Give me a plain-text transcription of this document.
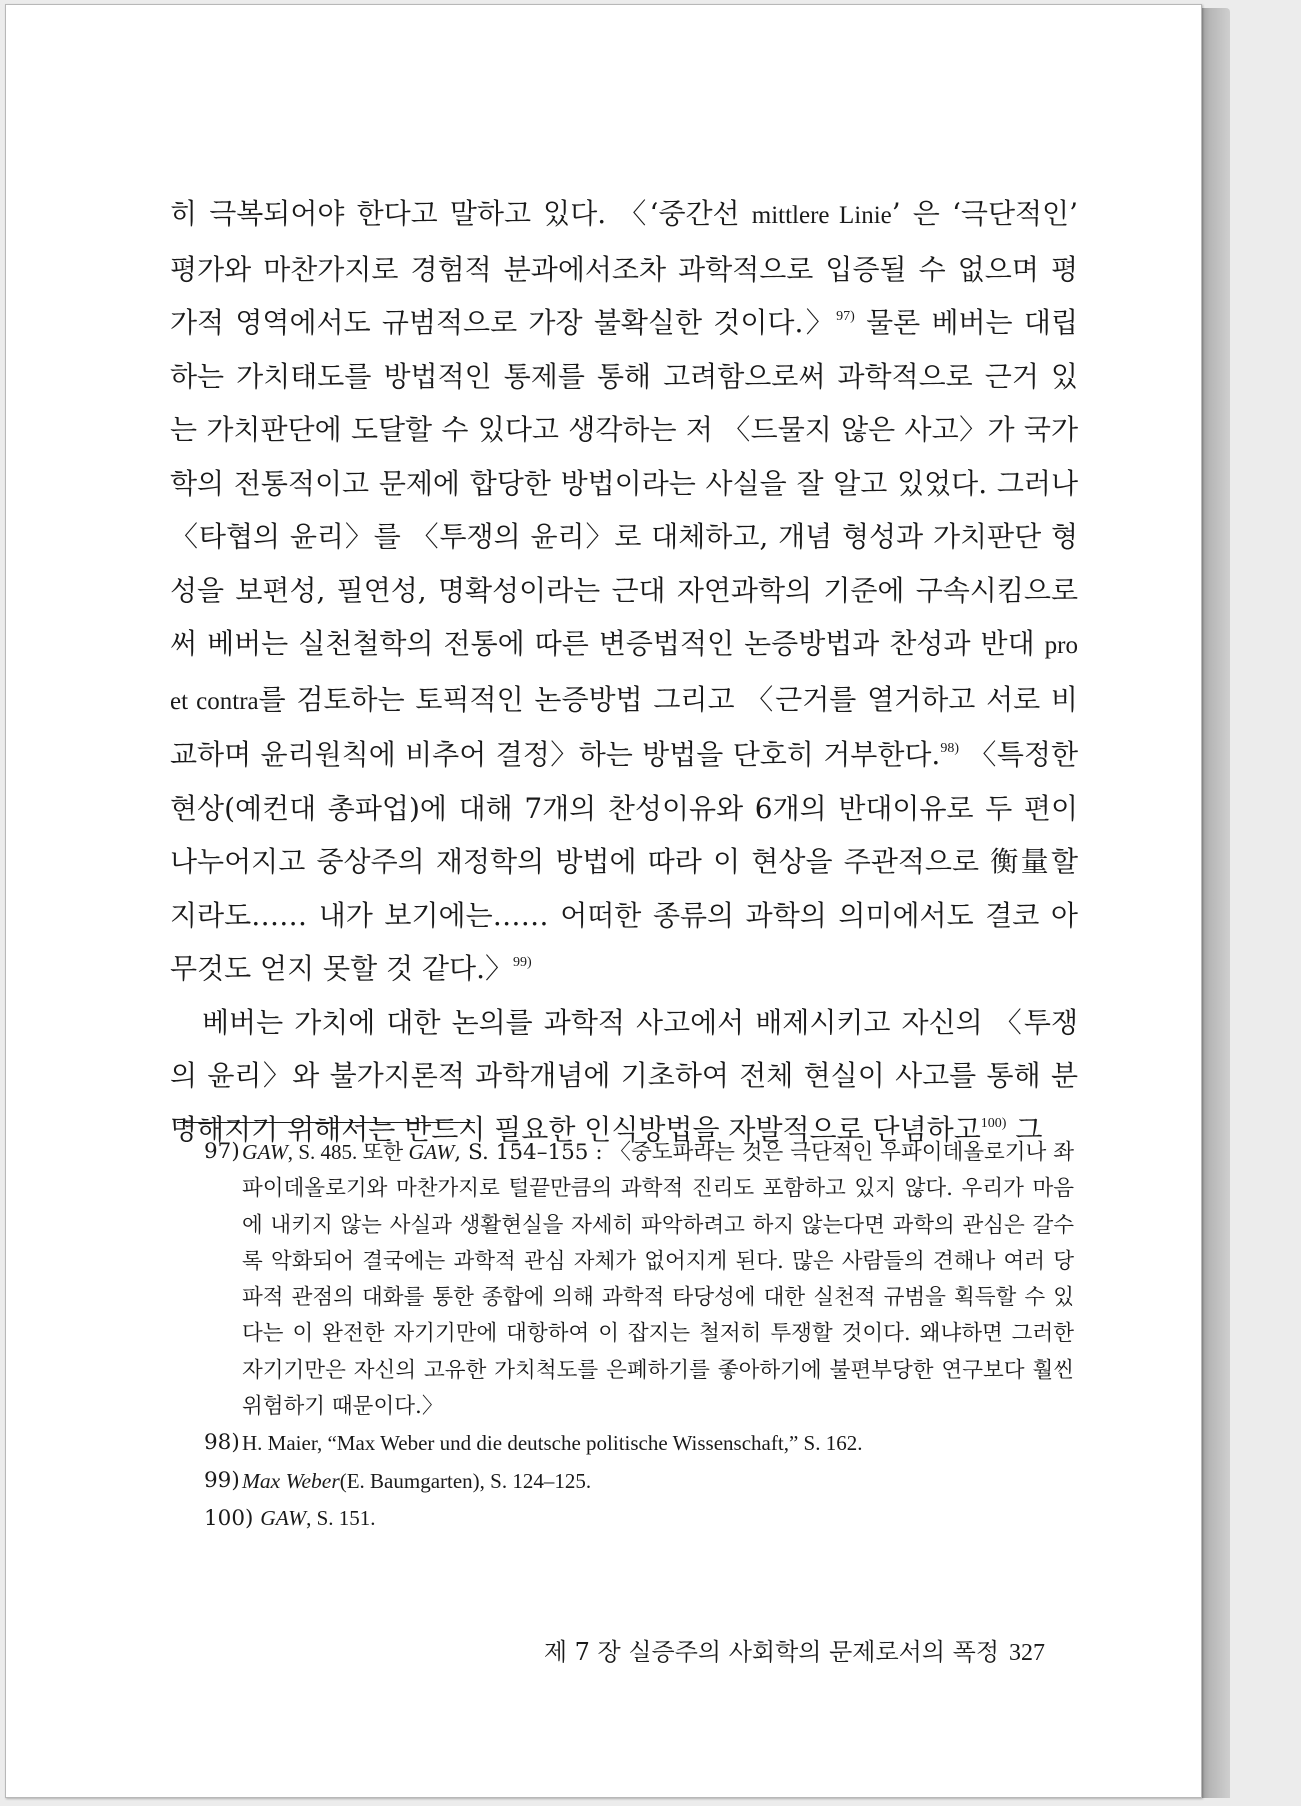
히 극복되어야 한다고 말하고 있다. 〈‘중간선 mittlere Linie’ 은 ‘극단적인’ 평가와 마찬가지로 경험적 분과에서조차 과학적으로 입증될 수 없으며 평가적 영역에서도 규범적으로 가장 불확실한 것이다.〉$^{97)}$ 물론 베버는 대립하는 가치태도를 방법적인 통제를 통해 고려함으로써 과학적으로 근거 있는 가치판단에 도달할 수 있다고 생각하는 저 〈드물지 않은 사고〉가 국가학의 전통적이고 문제에 합당한 방법이라는 사실을 잘 알고 있었다. 그러나 〈타협의 윤리〉를 〈투쟁의 윤리〉로 대체하고, 개념 형성과 가치판단 형성을 보편성, 필연성, 명확성이라는 근대 자연과학의 기준에 구속시킴으로써 베버는 실천철학의 전통에 따른 변증법적인 논증방법과 찬성과 반대 pro et contra를 검토하는 토픽적인 논증방법 그리고 〈근거를 열거하고 서로 비교하며 윤리원칙에 비추어 결정〉하는 방법을 단호히 거부한다.$^{98)}$ 〈특정한 현상(예컨대 총파업)에 대해 7개의 찬성이유와 6개의 반대이유로 두 편이 나누어지고 중상주의 재정학의 방법에 따라 이 현상을 주관적으로 衡量할지라도…… 내가 보기에는…… 어떠한 종류의 과학의 의미에서도 결코 아무것도 얻지 못할 것 같다.〉$^{99)}$

베버는 가치에 대한 논의를 과학적 사고에서 배제시키고 자신의 〈투쟁의 윤리〉와 불가지론적 과학개념에 기초하여 전체 현실이 사고를 통해 분명해지기 위해서는 반드시 필요한 인식방법을 자발적으로 단념하고$^{100)}$ 그

97) GAW, S. 485. 또한 GAW, S. 154–155 : 〈중도파라는 것은 극단적인 우파이데올로기나 좌파이데올로기와 마찬가지로 털끝만큼의 과학적 진리도 포함하고 있지 않다. 우리가 마음에 내키지 않는 사실과 생활현실을 자세히 파악하려고 하지 않는다면 과학의 관심은 갈수록 악화되어 결국에는 과학적 관심 자체가 없어지게 된다. 많은 사람들의 견해나 여러 당파적 관점의 대화를 통한 종합에 의해 과학적 타당성에 대한 실천적 규범을 획득할 수 있다는 이 완전한 자기기만에 대항하여 이 잡지는 철저히 투쟁할 것이다. 왜냐하면 그러한 자기기만은 자신의 고유한 가치척도를 은폐하기를 좋아하기에 불편부당한 연구보다 훨씬 위험하기 때문이다.〉
98) H. Maier, “Max Weber und die deutsche politische Wissenschaft,” S. 162.
99) Max Weber(E. Baumgarten), S. 124–125.
100) GAW, S. 151.
제 7 장 실증주의 사회학의 문제로서의 폭정 327
